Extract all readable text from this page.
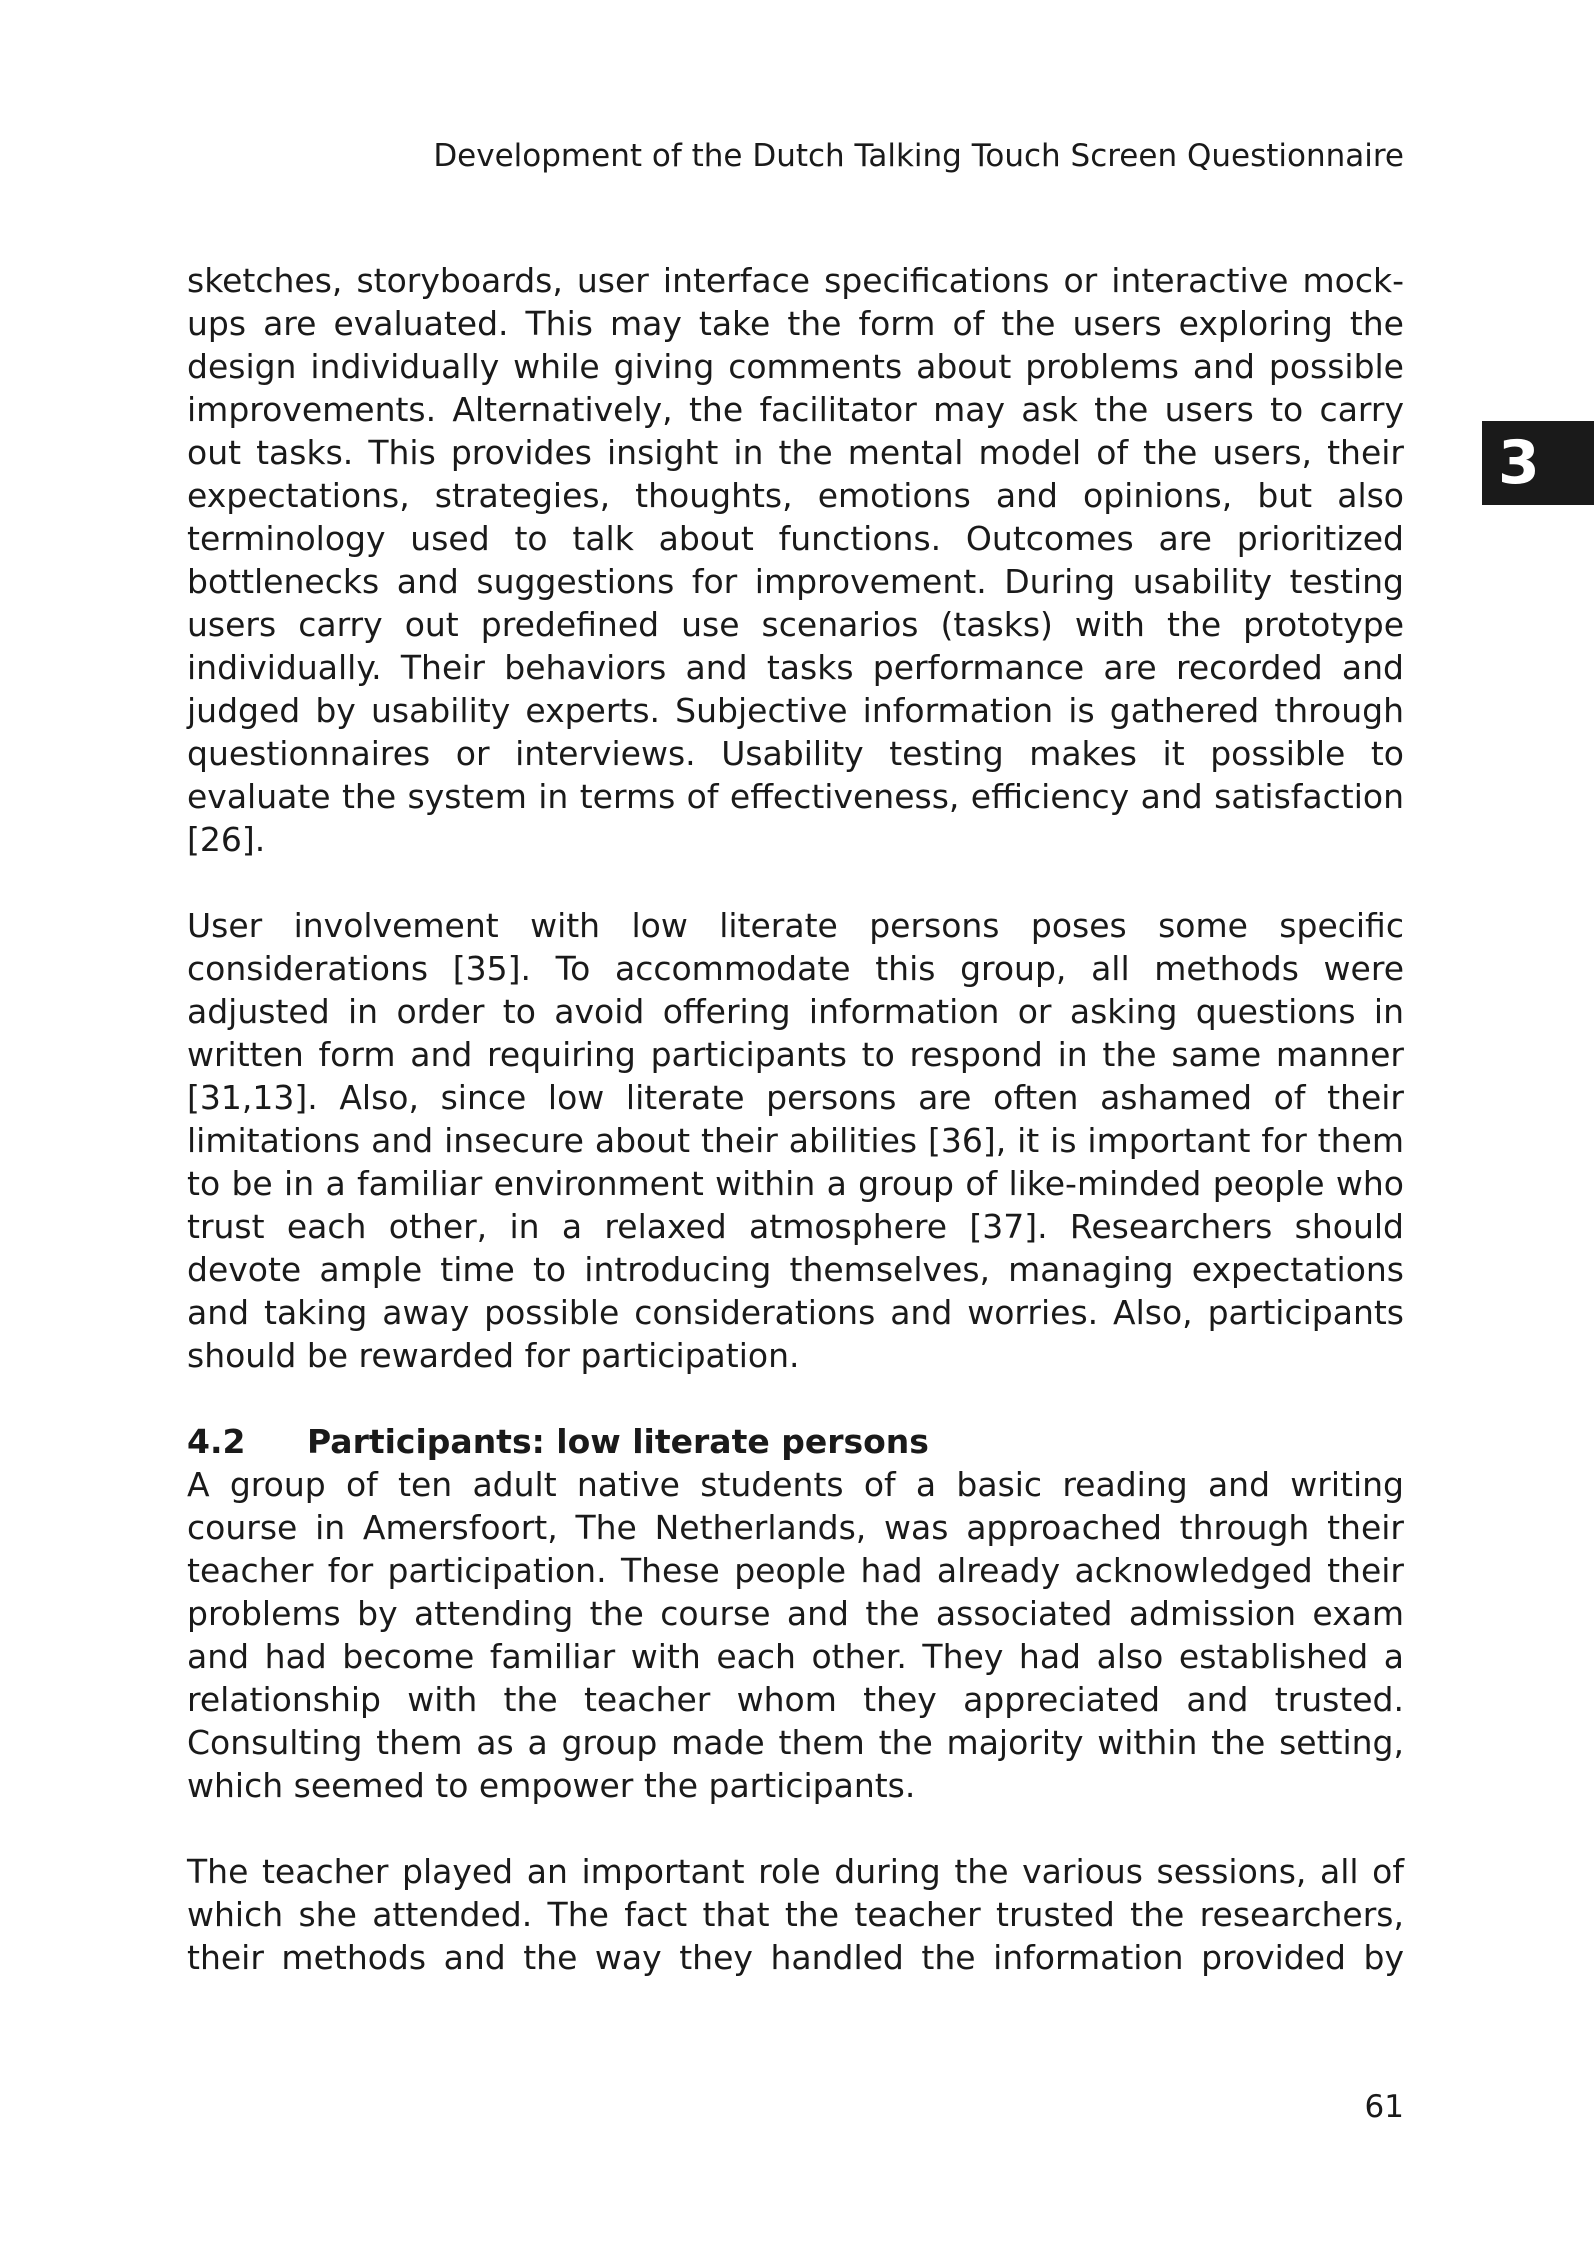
Development of the Dutch Talking Touch Screen Questionnaire
3

sketches, storyboards, user interface specifications or interactive mock-ups are evaluated. This may take the form of the users exploring the design individually while giving comments about problems and possible improvements. Alternatively, the facilitator may ask the users to carry out tasks. This provides insight in the mental model of the users, their expectations, strategies, thoughts, emotions and opinions, but also terminology used to talk about functions. Outcomes are prioritized bottlenecks and suggestions for improvement. During usability testing users carry out predefined use scenarios (tasks) with the prototype individually. Their behaviors and tasks performance are recorded and judged by usability experts. Subjective information is gathered through questionnaires or interviews. Usability testing makes it possible to evaluate the system in terms of effectiveness, efficiency and satisfaction [26].

User involvement with low literate persons poses some specific considerations [35]. To accommodate this group, all methods were adjusted in order to avoid offering information or asking questions in written form and requiring participants to respond in the same manner [31,13]. Also, since low literate persons are often ashamed of their limitations and insecure about their abilities [36], it is important for them to be in a familiar environment within a group of like-minded people who trust each other, in a relaxed atmosphere [37]. Researchers should devote ample time to introducing themselves, managing expectations and taking away possible considerations and worries. Also, participants should be rewarded for participation.

4.2 Participants: low literate persons

A group of ten adult native students of a basic reading and writing course in Amersfoort, The Netherlands, was approached through their teacher for participation. These people had already acknowledged their problems by attending the course and the associated admission exam and had become familiar with each other. They had also established a relationship with the teacher whom they appreciated and trusted. Consulting them as a group made them the majority within the setting, which seemed to empower the participants.

The teacher played an important role during the various sessions, all of which she attended. The fact that the teacher trusted the researchers, their methods and the way they handled the information provided by

61
